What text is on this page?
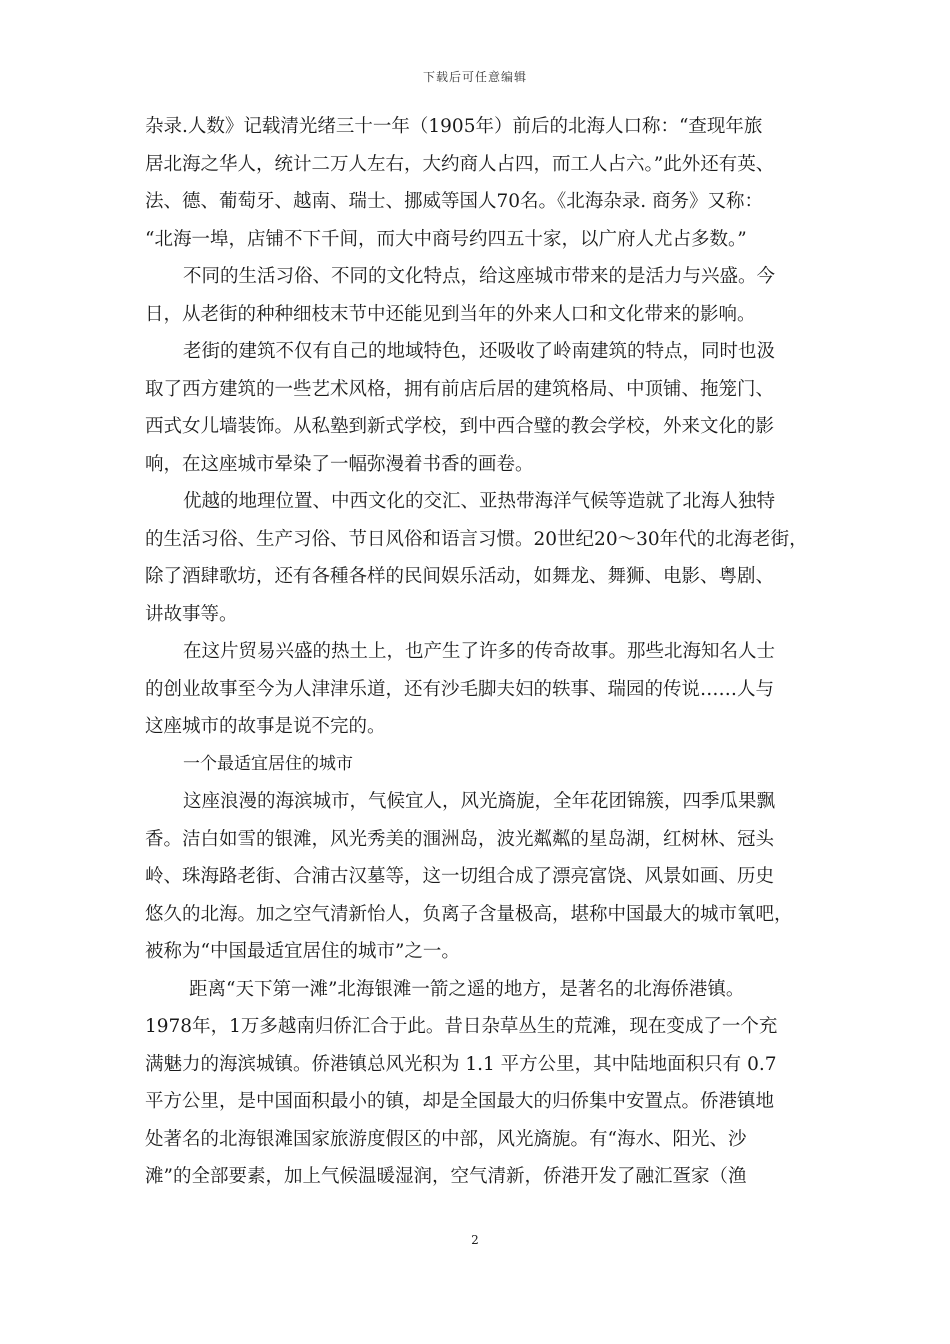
下载后可任意编辑
杂录.人数》记载清光绪三十一年（1905年）前后的北海人口称：“查现年旅
居北海之华人，统计二万人左右，大约商人占四，而工人占六。”此外还有英、
法、德、葡萄牙、越南、瑞士、挪威等国人70名。《北海杂录. 商务》又称：
“北海一埠，店铺不下千间，而大中商号约四五十家，以广府人尤占多数。”
不同的生活习俗、不同的文化特点，给这座城市带来的是活力与兴盛。今
日，从老街的种种细枝末节中还能见到当年的外来人口和文化带来的影响。
老街的建筑不仅有自己的地域特色，还吸收了岭南建筑的特点，同时也汲
取了西方建筑的一些艺术风格，拥有前店后居的建筑格局、中顶铺、拖笼门、
西式女儿墙装饰。从私塾到新式学校，到中西合璧的教会学校，外来文化的影
响，在这座城市晕染了一幅弥漫着书香的画卷。
优越的地理位置、中西文化的交汇、亚热带海洋气候等造就了北海人独特
的生活习俗、生产习俗、节日风俗和语言习惯。20世纪20～30年代的北海老街，
除了酒肆歌坊，还有各種各样的民间娱乐活动，如舞龙、舞狮、电影、粤剧、
讲故事等。
在这片贸易兴盛的热土上，也产生了许多的传奇故事。那些北海知名人士
的创业故事至今为人津津乐道，还有沙毛脚夫妇的轶事、瑞园的传说……人与
这座城市的故事是说不完的。
一个最适宜居住的城市
这座浪漫的海滨城市，气候宜人，风光旖旎，全年花团锦簇，四季瓜果飘
香。洁白如雪的银滩，风光秀美的涠洲岛，波光粼粼的星岛湖，红树林、冠头
岭、珠海路老街、合浦古汉墓等，这一切组合成了漂亮富饶、风景如画、历史
悠久的北海。加之空气清新怡人，负离子含量极高，堪称中国最大的城市氧吧，
被称为“中国最适宜居住的城市”之一。
距离“天下第一滩”北海银滩一箭之遥的地方，是著名的北海侨港镇。
1978年，1万多越南归侨汇合于此。昔日杂草丛生的荒滩，现在变成了一个充
满魅力的海滨城镇。侨港镇总风光积为 1.1 平方公里，其中陆地面积只有 0.7
平方公里，是中国面积最小的镇，却是全国最大的归侨集中安置点。侨港镇地
处著名的北海银滩国家旅游度假区的中部，风光旖旎。有“海水、阳光、沙
滩”的全部要素，加上气候温暖湿润，空气清新，侨港开发了融汇疍家（渔
2
